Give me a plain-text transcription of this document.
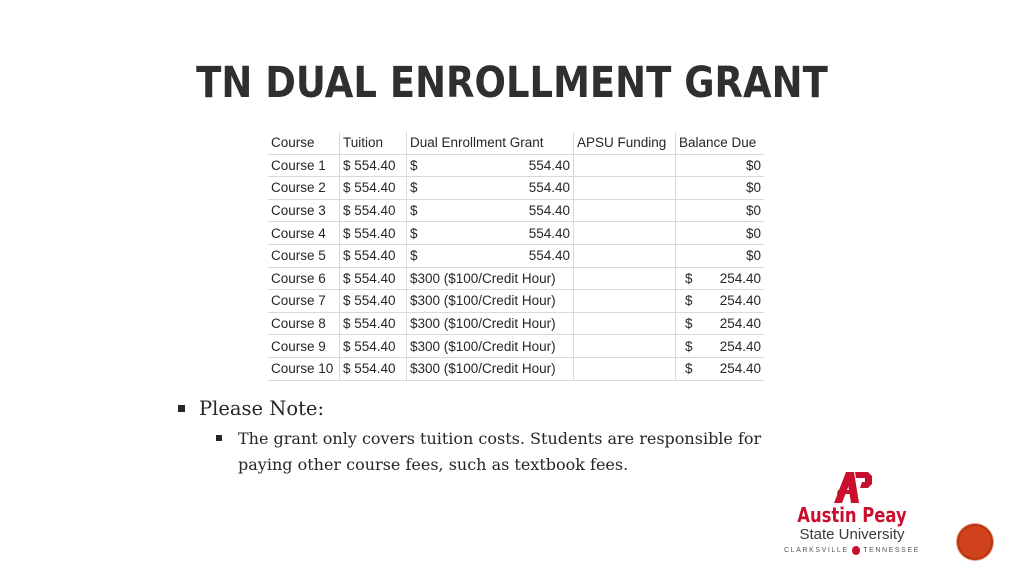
TN DUAL ENROLLMENT GRANT
Course	Tuition	Dual Enrollment Grant	APSU Funding	Balance Due
Course 1	$ 554.40	$ 554.40		$0

Course 2	$ 554.40	$ 554.40		$0

Course 3	$ 554.40	$ 554.40		$0

Course 4	$ 554.40	$ 554.40		$0

Course 5	$ 554.40	$ 554.40		$0

Course 6	$ 554.40	$300 ($100/Credit Hour)		$ 254.40

Course 7	$ 554.40	$300 ($100/Credit Hour)		$ 254.40

Course 8	$ 554.40	$300 ($100/Credit Hour)		$ 254.40

Course 9	$ 554.40	$300 ($100/Credit Hour)		$ 254.40

Course 10	$ 554.40	$300 ($100/Credit Hour)		$ 254.40
Please Note:
The grant only covers tuition costs. Students are responsible for paying other course fees, such as textbook fees.
Austin Peay
State University
CLARKSVILLE TENNESSEE
